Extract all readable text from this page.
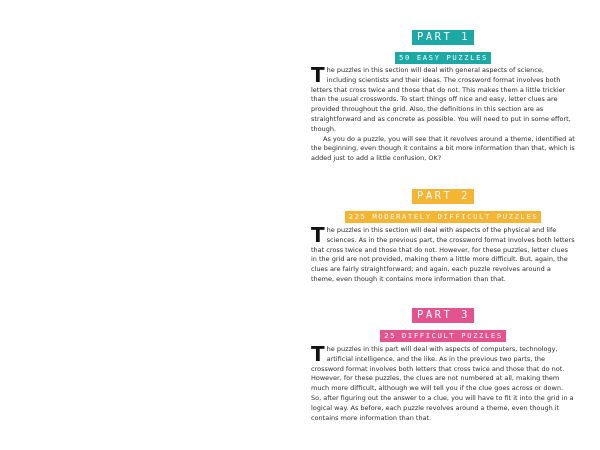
PART 1
50 EASY PUZZLES

The puzzles in this section will deal with general aspects of science, including scientists and their ideas. The crossword format involves both letters that cross twice and those that do not. This makes them a little trickier than the usual crosswords. To start things off nice and easy, letter clues are provided throughout the grid. Also, the definitions in this section are as straightforward and as concrete as possible. You will need to put in some effort, though.

As you do a puzzle, you will see that it revolves around a theme, identified at the beginning, even though it contains a bit more information than that, which is added just to add a little confusion, OK?

PART 2
225 MODERATELY DIFFICULT PUZZLES

The puzzles in this section will deal with aspects of the physical and life sciences. As in the previous part, the crossword format involves both letters that cross twice and those that do not. However, for these puzzles, letter clues in the grid are not provided, making them a little more difficult. But, again, the clues are fairly straightforward; and again, each puzzle revolves around a theme, even though it contains more information than that.

PART 3
25 DIFFICULT PUZZLES

The puzzles in this part will deal with aspects of computers, technology, artificial intelligence, and the like. As in the previous two parts, the crossword format involves both letters that cross twice and those that do not. However, for these puzzles, the clues are not numbered at all, making them much more difficult, although we will tell you if the clue goes across or down. So, after figuring out the answer to a clue, you will have to fit it into the grid in a logical way. As before, each puzzle revolves around a theme, even though it contains more information than that.
